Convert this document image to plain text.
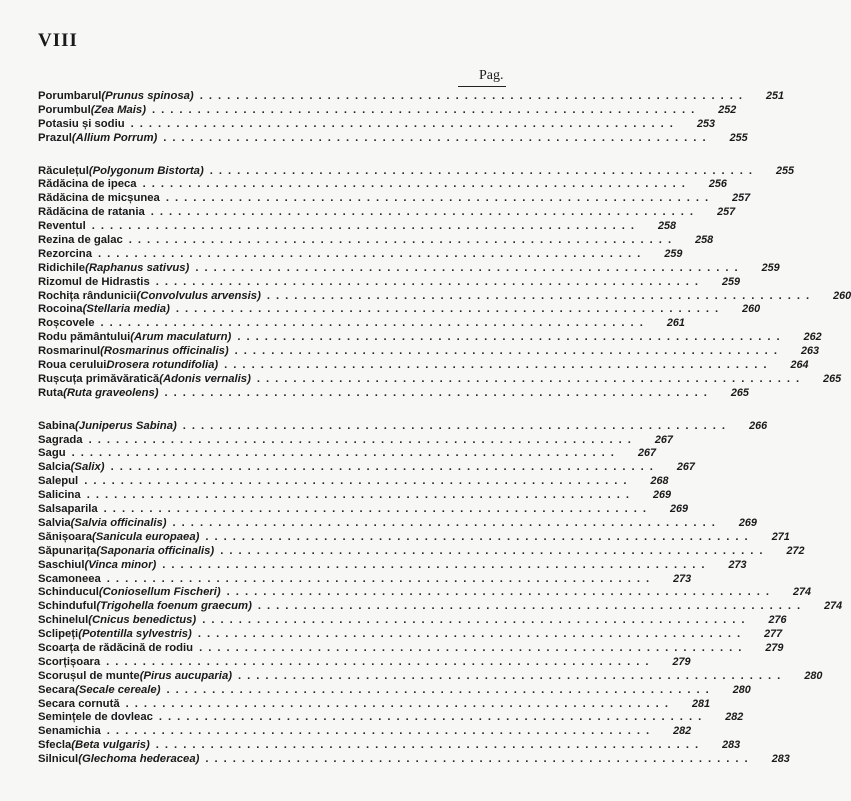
VIII
Pag.
Porumbarul (Prunus spinosa) ............................................................	251
Porumbul (Zea Mais) ............................................................	252
Potasiu și sodiu ............................................................	253
Prazul (Allium Porrum) ............................................................	255
Răculețul (Polygonum Bistorta) ............................................................	255
Rădăcina de ipeca ............................................................	256
Rădăcina de micșunea ............................................................	257
Rădăcina de ratania ............................................................	257
Reventul ............................................................	258
Rezina de galac ............................................................	258
Rezorcina ............................................................	259
Ridichile (Raphanus sativus) ............................................................	259
Rizomul de Hidrastis ............................................................	259
Rochița rândunicii (Convolvulus arvensis) ............................................................	260
Rocoina (Stellaria media) ............................................................	260
Roșcovele ............................................................	261
Rodu pământului (Arum maculaturn) ............................................................	262
Rosmarinul (Rosmarinus officinalis) ............................................................	263
Roua cerului Drosera rotundifolia) ............................................................	264
Rușcuța primăvăratică (Adonis vernalis) ............................................................	265
Ruta (Ruta graveolens) ............................................................	265
Sabina (Juniperus Sabina) ............................................................	266
Sagrada ............................................................	267
Sagu ............................................................	267
Salcia (Salix) ............................................................	267
Salepul ............................................................	268
Salicina ............................................................	269
Salsaparila ............................................................	269
Salvia (Salvia officinalis) ............................................................	269
Sănișoara (Sanicula europaea) ............................................................	271
Săpunarița (Saponaria officinalis) ............................................................	272
Saschiul (Vinca minor) ............................................................	273
Scamoneea ............................................................	273
Schinducul (Coniosellum Fischeri) ............................................................	274
Schinduful (Trigohella foenum graecum) ............................................................	274
Schinelul (Cnicus benedictus) ............................................................	276
Sclipeți (Potentilla sylvestris) ............................................................	277
Scoarța de rădăcină de rodiu ............................................................	279
Scorțișoara ............................................................	279
Scorușul de munte (Pirus aucuparia) ............................................................	280
Secara (Secale cereale) ............................................................	280
Secara cornută ............................................................	281
Semințele de dovleac ............................................................	282
Senamichia ............................................................	282
Sfecla (Beta vulgaris) ............................................................	283
Silnicul (Glechoma hederacea) ............................................................	283
